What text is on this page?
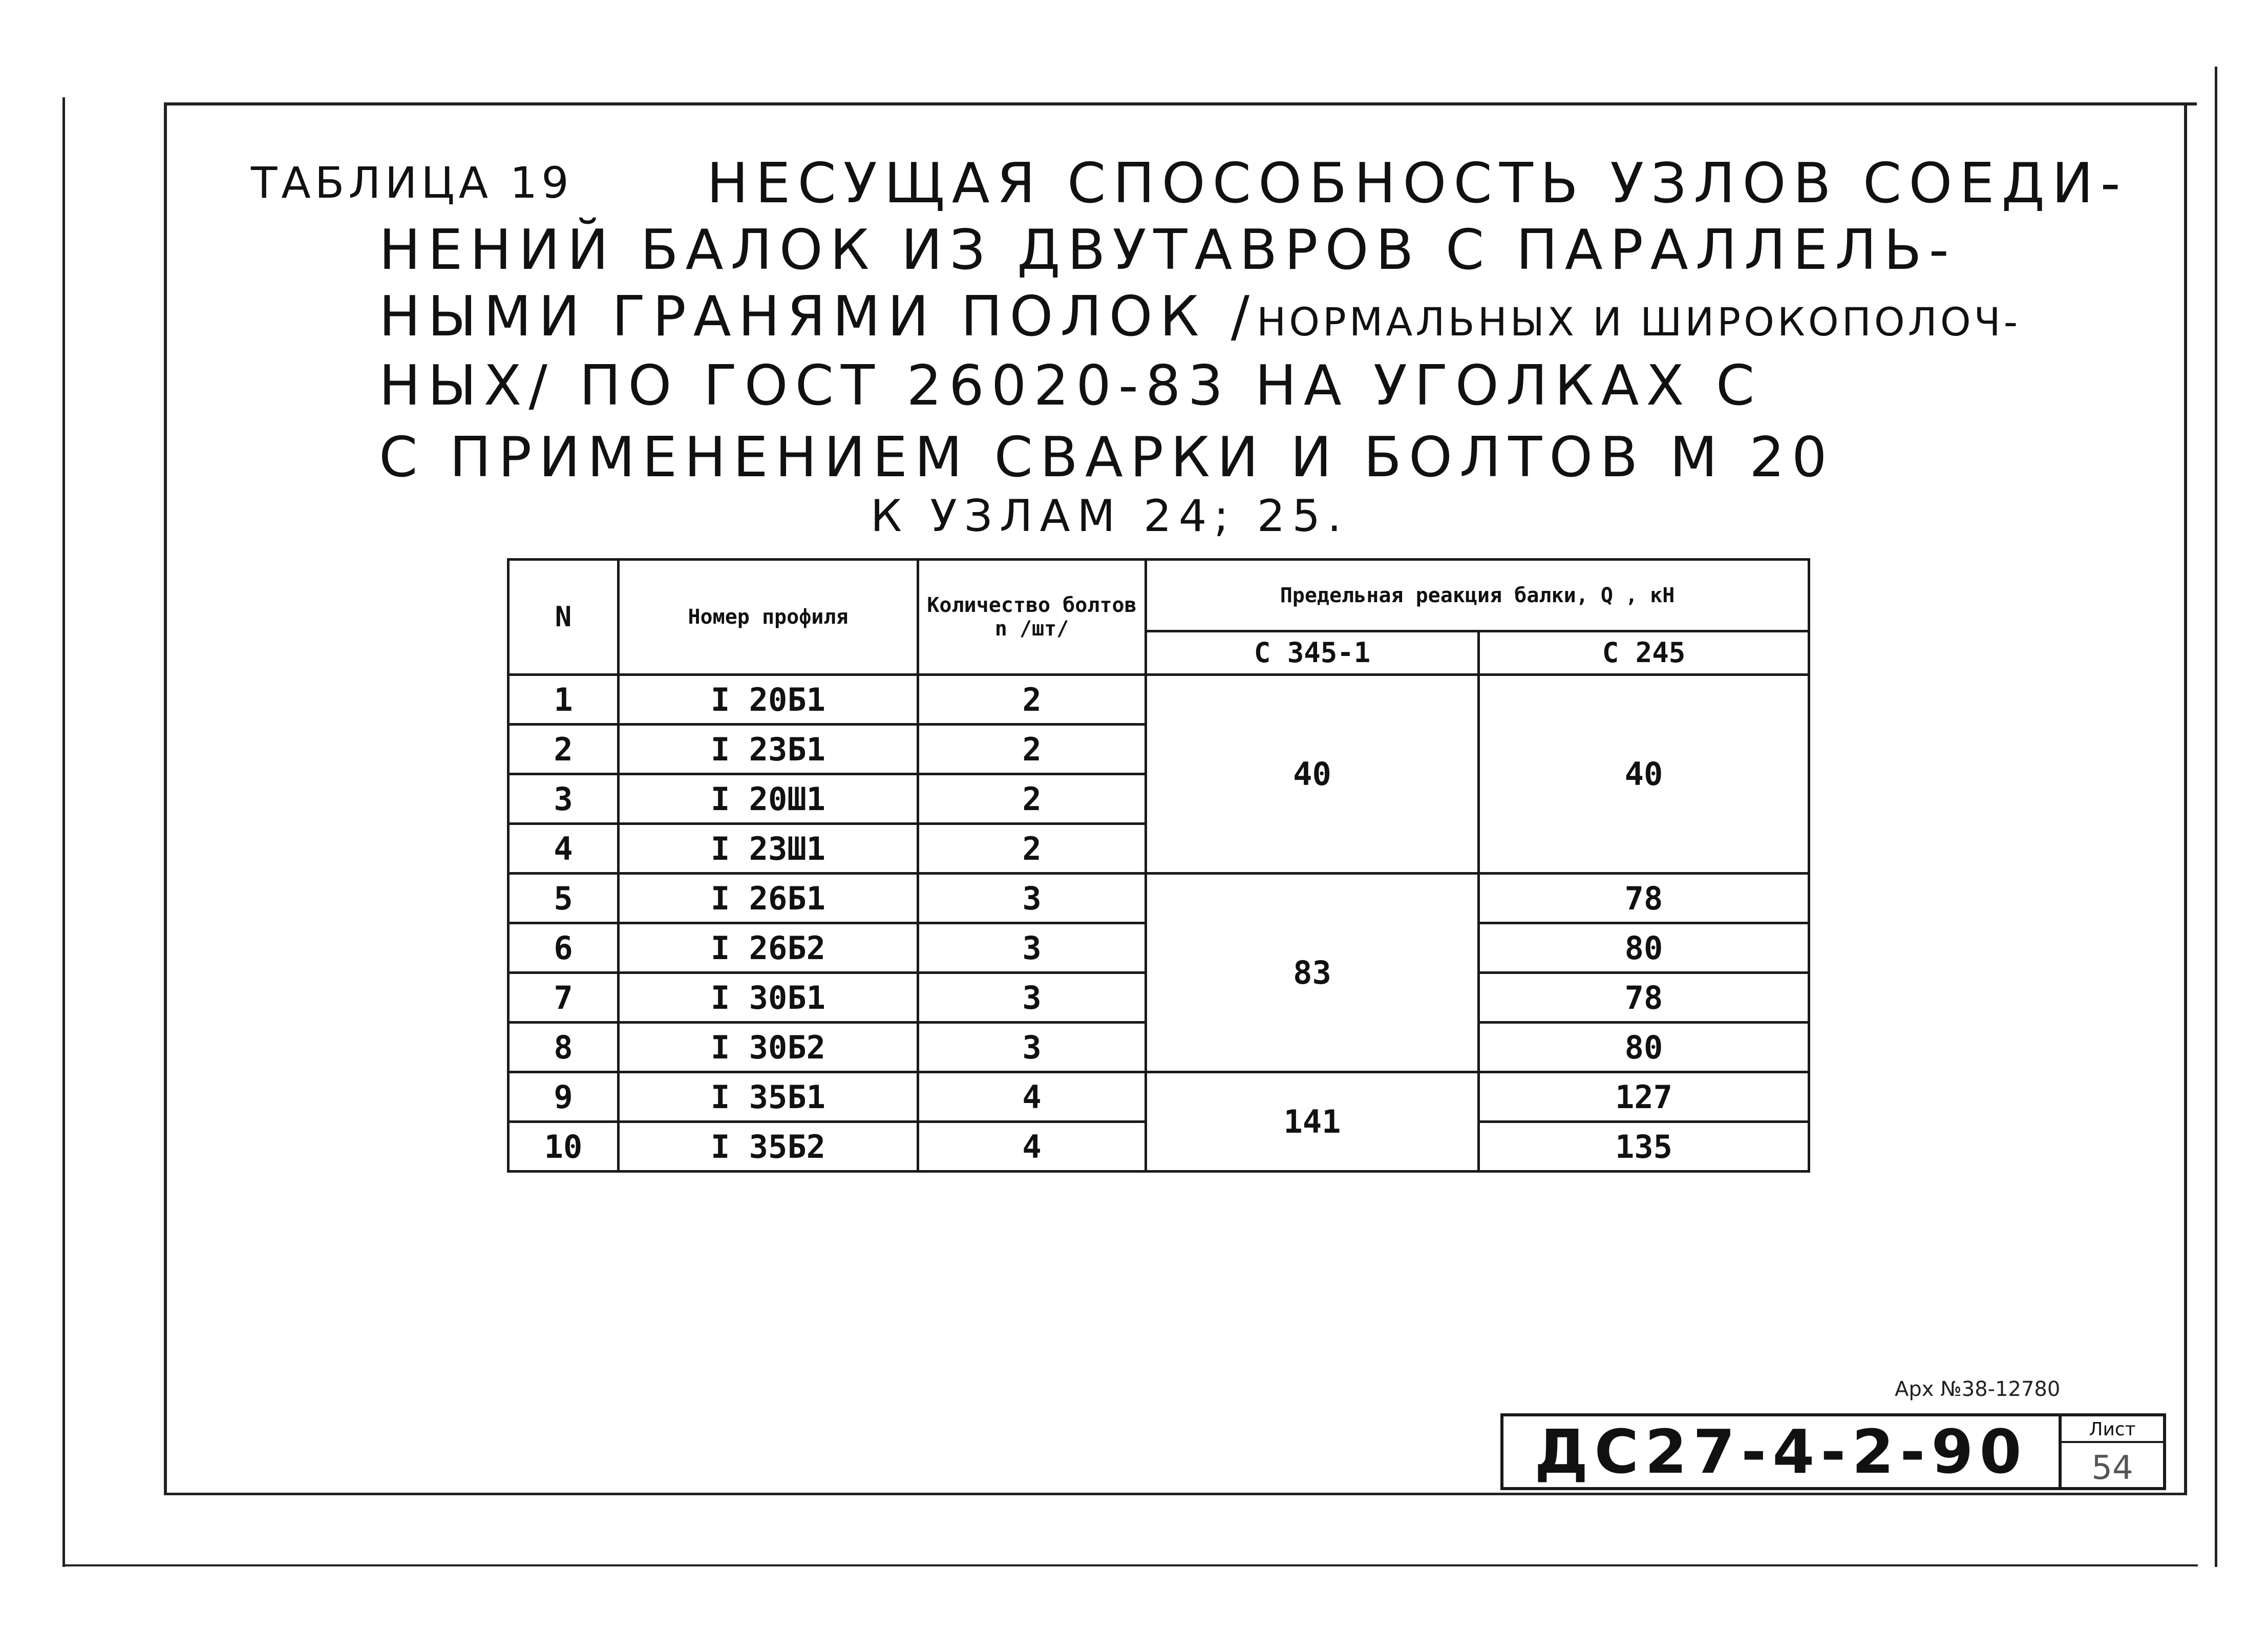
ТАБЛИЦА 19 НЕСУЩАЯ СПОСОБНОСТЬ УЗЛОВ СОЕДИ-
НЕНИЙ БАЛОК ИЗ ДВУТАВРОВ С ПАРАЛЛЕЛЬ-
НЫМИ ГРАНЯМИ ПОЛОК /НОРМАЛЬНЫХ И ШИРОКОПОЛОЧ-
НЫХ/ ПО ГОСТ 26020-83 НА УГОЛКАХ С
С ПРИМЕНЕНИЕМ СВАРКИ И БОЛТОВ М 20
К УЗЛАМ 24; 25.
N	Номер профиля	Количество болтов n /шт/	Предельная реакция балки, Q , кН	
			С 345-1	С 245
1	I 20Б1	2	40	40
2	I 23Б1	2		
3	I 20Ш1	2		
4	I 23Ш1	2		
5	I 26Б1	3	83	78
6	I 26Б2	3		80
7	I 30Б1	3		78
8	I 30Б2	3		80
9	I 35Б1	4	141	127
10	I 35Б2	4		135
Арх №38-12780
ДС27-4-2-90	Лист
54
